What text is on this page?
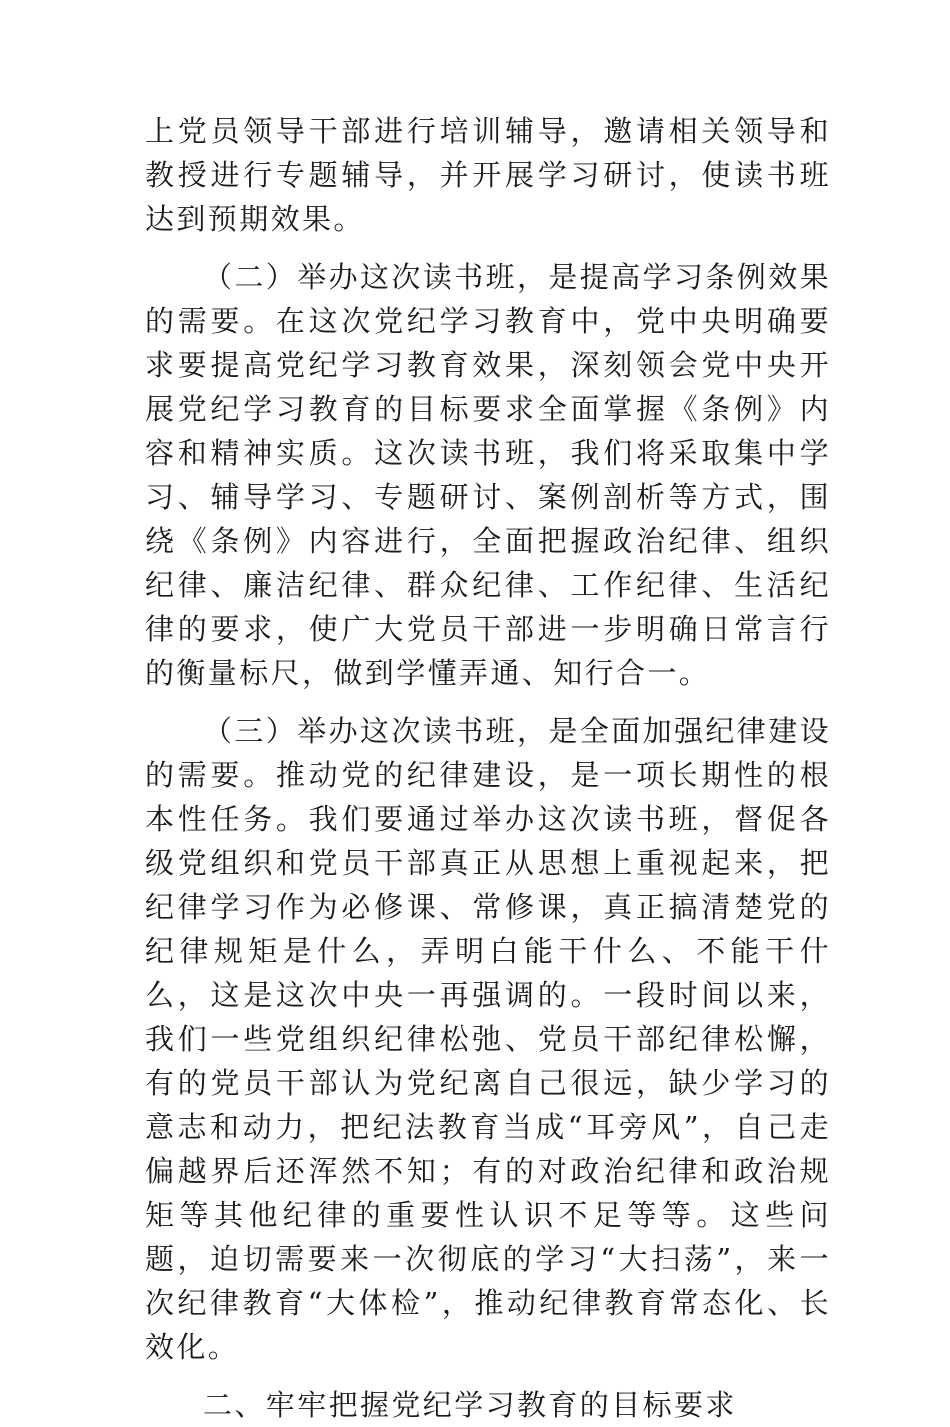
上党员领导干部进行培训辅导，邀请相关领导和教授进行专题辅导，并开展学习研讨，使读书班达到预期效果。

（二）举办这次读书班，是提高学习条例效果的需要。在这次党纪学习教育中，党中央明确要求要提高党纪学习教育效果，深刻领会党中央开展党纪学习教育的目标要求全面掌握《条例》内容和精神实质。这次读书班，我们将采取集中学习、辅导学习、专题研讨、案例剖析等方式，围绕《条例》内容进行，全面把握政治纪律、组织纪律、廉洁纪律、群众纪律、工作纪律、生活纪律的要求，使广大党员干部进一步明确日常言行的衡量标尺，做到学懂弄通、知行合一。

（三）举办这次读书班，是全面加强纪律建设的需要。推动党的纪律建设，是一项长期性的根本性任务。我们要通过举办这次读书班，督促各级党组织和党员干部真正从思想上重视起来，把纪律学习作为必修课、常修课，真正搞清楚党的纪律规矩是什么，弄明白能干什么、不能干什么，这是这次中央一再强调的。一段时间以来，我们一些党组织纪律松弛、党员干部纪律松懈，有的党员干部认为党纪离自己很远，缺少学习的意志和动力，把纪法教育当成“耳旁风”，自己走偏越界后还浑然不知；有的对政治纪律和政治规矩等其他纪律的重要性认识不足等等。这些问题，迫切需要来一次彻底的学习“大扫荡”，来一次纪律教育“大体检”，推动纪律教育常态化、长效化。

二、牢牢把握党纪学习教育的目标要求
